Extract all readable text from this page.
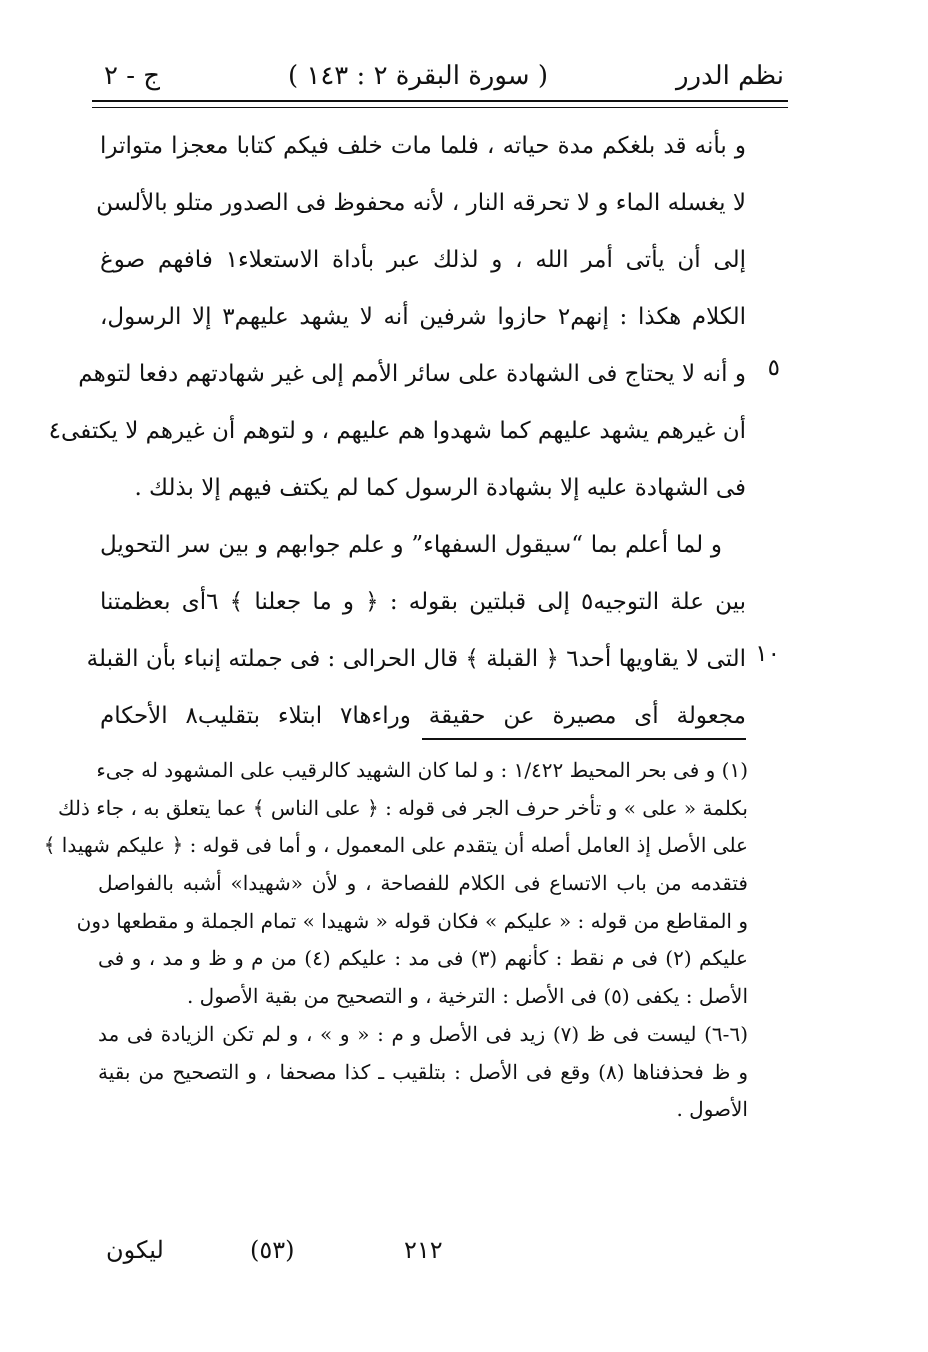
نظم الدرر
( سورة البقرة ٢ : ١٤٣ )
ج - ٢
و بأنه قد بلغكم مدة حياته ، فلما مات خلف فيكم كتابا معجزا متواترا
لا يغسله الماء و لا تحرقه النار ، لأنه محفوظ فى الصدور متلو بالألسن
إلى أن يأتى أمر الله ، و لذلك عبر بأداة الاستعلاء١ فافهم صوغ
الكلام هكذا : إنهم٢ حازوا شرفين أنه لا يشهد عليهم٣ إلا الرسول،
و أنه لا يحتاج فى الشهادة على سائر الأمم إلى غير شهادتهم دفعا لتوهم
أن غيرهم يشهد عليهم كما شهدوا هم عليهم ، و لتوهم أن غيرهم لا يكتفى٤
فى الشهادة عليه إلا بشهادة الرسول كما لم يكتف فيهم إلا بذلك .
و لما أعلم بما “سيقول السفهاء” و علم جوابهم و بين سر التحويل
بين علة التوجيه٥ إلى قبلتين بقوله : ﴿ و ما جعلنا ﴾ ٦أى بعظمتنا
التى لا يقاويها أحد٦ ﴿ القبلة ﴾ قال الحرالى : فى جملته إنباء بأن القبلة
مجعولة أى مصيرة عن حقيقة وراءها٧ ابتلاء بتقليب٨ الأحكام
٥
١٠
(١) و فى بحر المحيط ١/٤٢٢ : و لما كان الشهيد كالرقيب على المشهود له جىء
بكلمة « على » و تأخر حرف الجر فى قوله : ﴿ على الناس ﴾ عما يتعلق به ، جاء ذلك
على الأصل إذ العامل أصله أن يتقدم على المعمول ، و أما فى قوله : ﴿ عليكم شهيدا ﴾
فتقدمه من باب الاتساع فى الكلام للفصاحة ، و لأن «شهيدا» أشبه بالفواصل
و المقاطع من قوله : « عليكم » فكان قوله « شهيدا » تمام الجملة و مقطعها دون
عليكم (٢) فى م نقط : كأنهم (٣) فى مد : عليكم (٤) من م و ظ و مد ، و فى
الأصل : يكفى (٥) فى الأصل : الترخية ، و التصحيح من بقية الأصول .
(٦-٦) ليست فى ظ (٧) زيد فى الأصل و م : « و » ، و لم تكن الزيادة فى مد
و ظ فحذفناها (٨) وقع فى الأصل : بتلقيب ـ كذا مصحفا ، و التصحيح من بقية
الأصول .
٢١٢
(٥٣)
ليكون
